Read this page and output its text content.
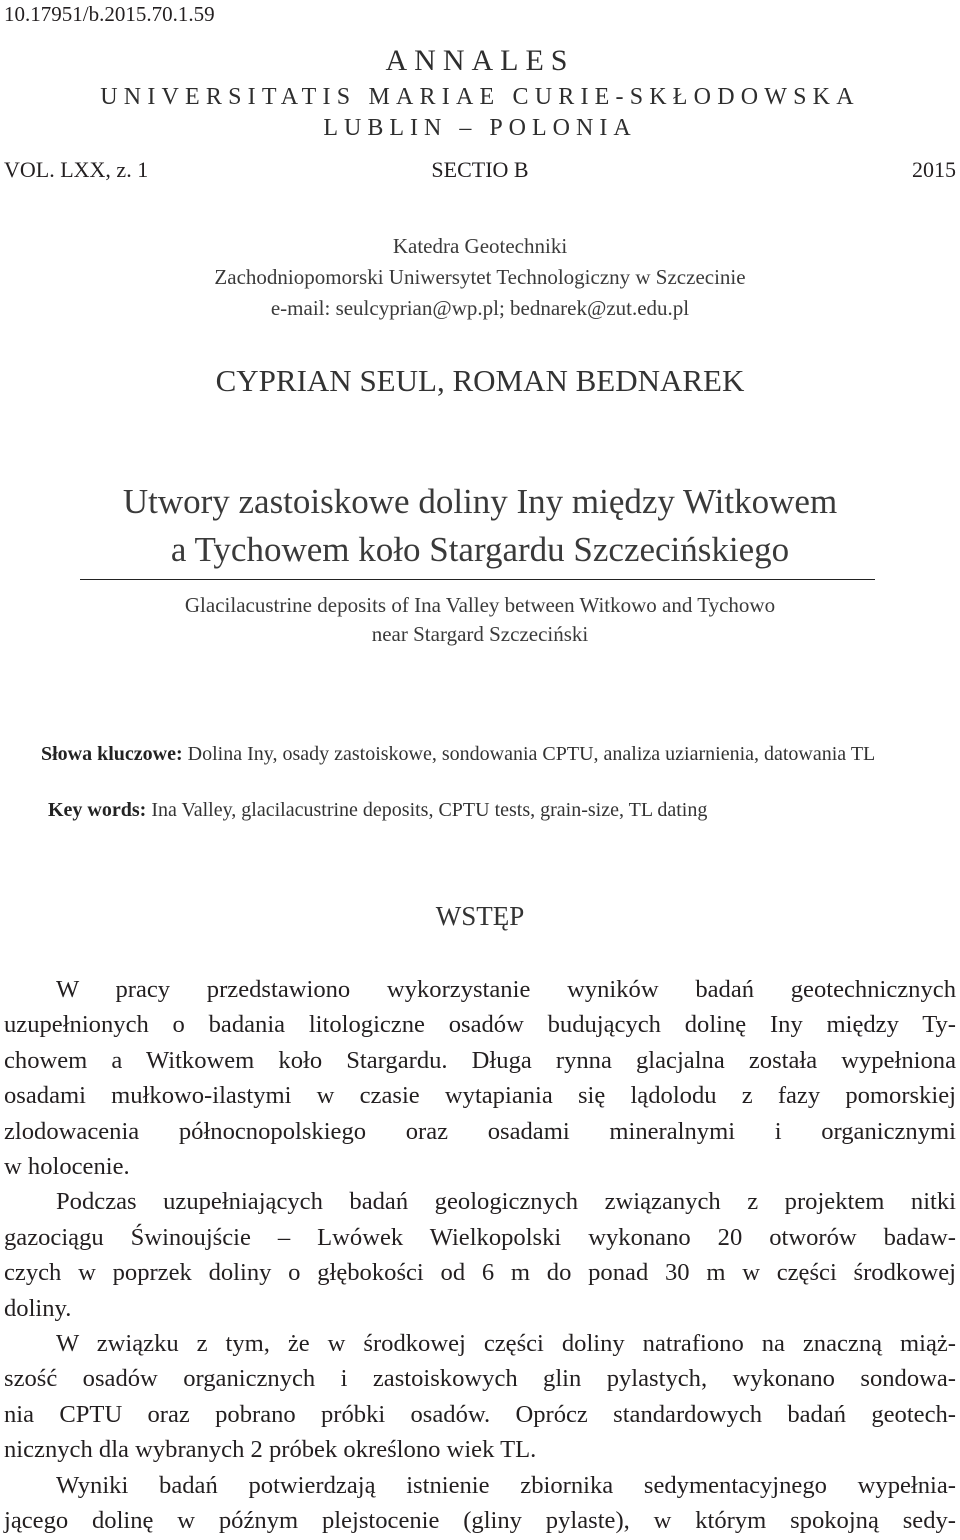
10.17951/b.2015.70.1.59
ANNALES
UNIVERSITATIS MARIAE CURIE-SKŁODOWSKA
LUBLIN – POLONIA
VOL. LXX, z. 1	SECTIO B	2015
Katedra Geotechniki
Zachodniopomorski Uniwersytet Technologiczny w Szczecinie
e-mail: seulcyprian@wp.pl; bednarek@zut.edu.pl
CYPRIAN SEUL, ROMAN BEDNAREK
Utwory zastoiskowe doliny Iny między Witkowem
a Tychowem koło Stargardu Szczecińskiego
Glacilacustrine deposits of Ina Valley between Witkowo and Tychowo
near Stargard Szczeciński
Słowa kluczowe: Dolina Iny, osady zastoiskowe, sondowania CPTU, analiza uziarnienia, datowania TL
Key words: Ina Valley, glacilacustrine deposits, CPTU tests, grain-size, TL dating
WSTĘP
W pracy przedstawiono wykorzystanie wyników badań geotechnicznych
uzupełnionych o badania litologiczne osadów budujących dolinę Iny między Ty-
chowem a Witkowem koło Stargardu. Długa rynna glacjalna została wypełniona
osadami mułkowo-ilastymi w czasie wytapiania się lądolodu z fazy pomorskiej
zlodowacenia północnopolskiego oraz osadami mineralnymi i organicznymi
w holocenie.
Podczas uzupełniających badań geologicznych związanych z projektem nitki
gazociągu Świnoujście – Lwówek Wielkopolski wykonano 20 otworów badaw-
czych w poprzek doliny o głębokości od 6 m do ponad 30 m w części środkowej
doliny.
W związku z tym, że w środkowej części doliny natrafiono na znaczną miąż-
szość osadów organicznych i zastoiskowych glin pylastych, wykonano sondowa-
nia CPTU oraz pobrano próbki osadów. Oprócz standardowych badań geotech-
nicznych dla wybranych 2 próbek określono wiek TL.
Wyniki badań potwierdzają istnienie zbiornika sedymentacyjnego wypełnia-
jącego dolinę w późnym plejstocenie (gliny pylaste), w którym spokojną sedy-
